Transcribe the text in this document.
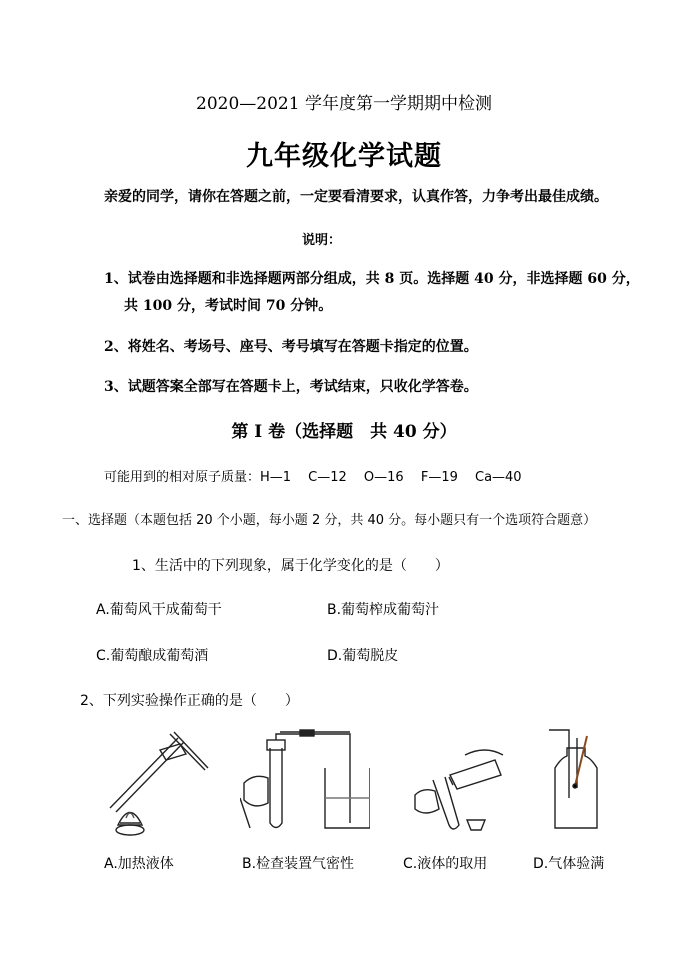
2020—2021 学年度第一学期期中检测
九年级化学试题
亲爱的同学，请你在答题之前，一定要看清要求，认真作答，力争考出最佳成绩。
说明：
1、试卷由选择题和非选择题两部分组成，共 8 页。选择题 40 分，非选择题 60 分，
共 100 分，考试时间 70 分钟。
2、将姓名、考场号、座号、考号填写在答题卡指定的位置。
3、试题答案全部写在答题卡上，考试结束，只收化学答卷。
第 I 卷（选择题　共 40 分）
可能用到的相对原子质量：H—1　 C—12　 O—16　 F—19　 Ca—40
一、选择题（本题包括 20 个小题，每小题 2 分，共 40 分。每小题只有一个选项符合题意）
1、生活中的下列现象，属于化学变化的是（　　）
A.葡萄风干成葡萄干	B.葡萄榨成葡萄汁
C.葡萄酿成葡萄酒	D.葡萄脱皮
2、下列实验操作正确的是（　　）
A.加热液体	B.检查装置气密性	C.液体的取用	D.气体验满
